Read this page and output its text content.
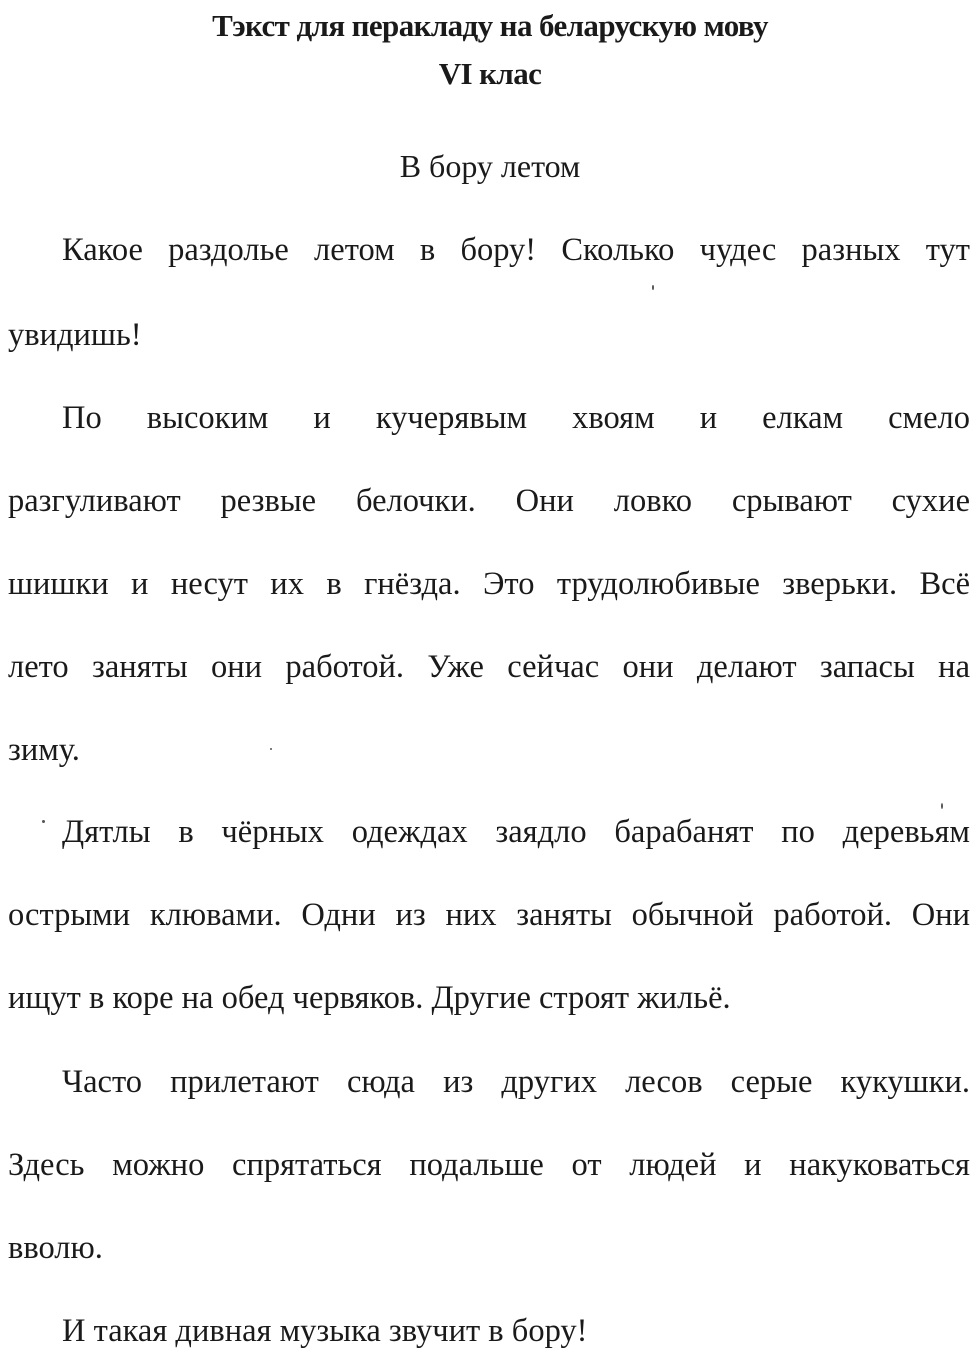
Тэкст для перакладу на беларускую мову
VI клас
В бору летом
Какое раздолье летом в бору! Сколько чудес разных тут
увидишь!
По высоким и кучерявым хвоям и елкам смело
разгуливают резвые белочки. Они ловко срывают сухие
шишки и несут их в гнёзда. Это трудолюбивые зверьки. Всё
лето заняты они работой. Уже сейчас они делают запасы на
зиму.
Дятлы в чёрных одеждах заядло барабанят по деревьям
острыми клювами. Одни из них заняты обычной работой. Они
ищут в коре на обед червяков. Другие строят жильё.
Часто прилетают сюда из других лесов серые кукушки.
Здесь можно спрятаться подальше от людей и накуковаться
вволю.
И такая дивная музыка звучит в бору!
